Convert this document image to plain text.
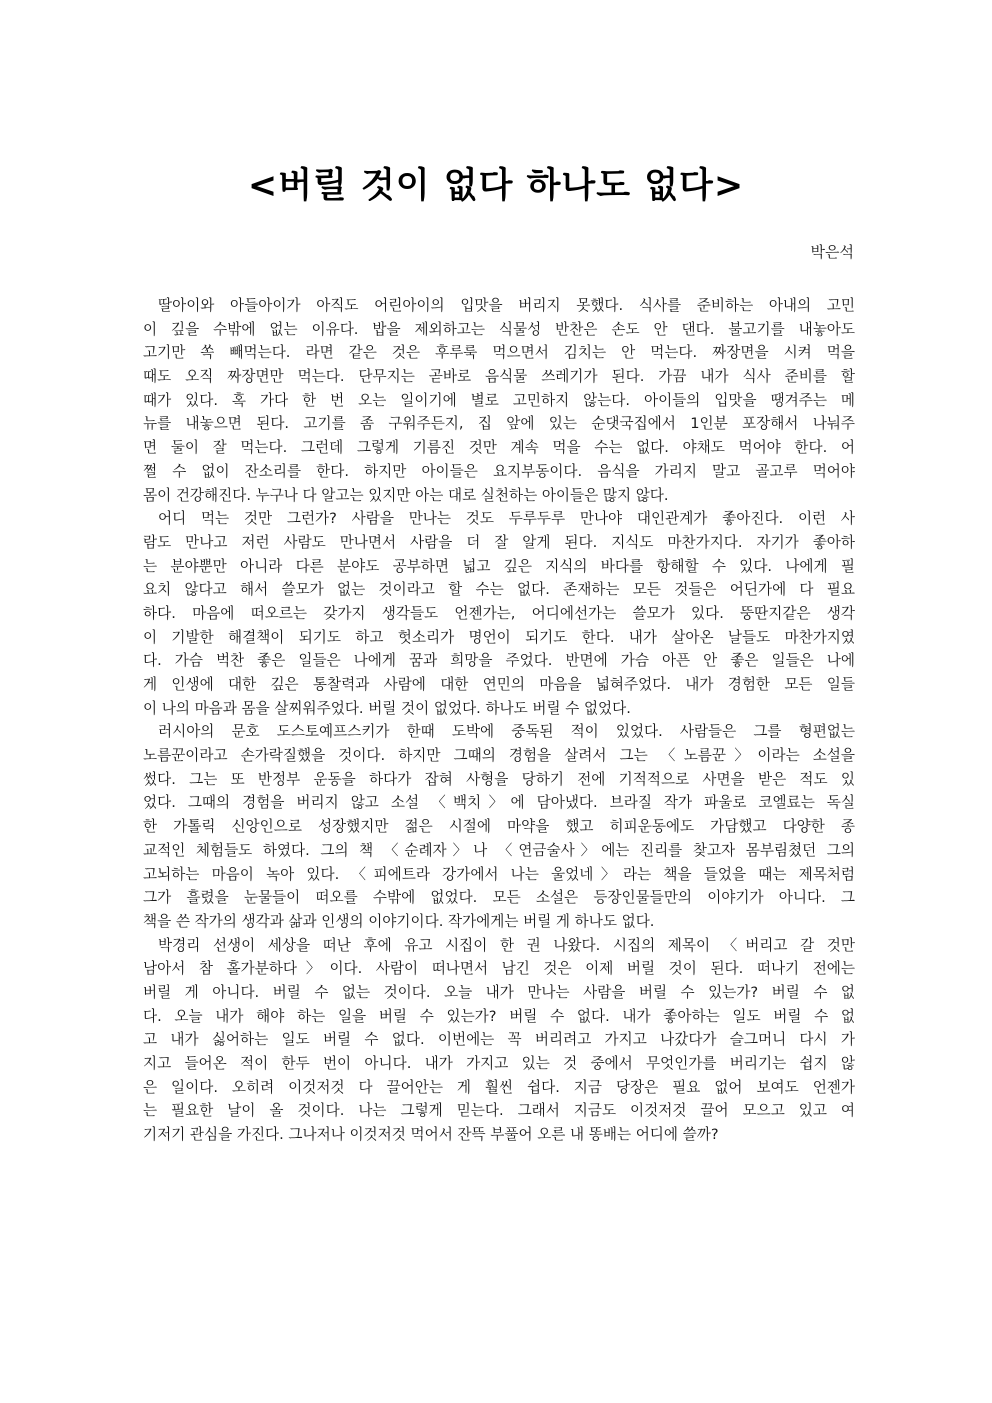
<버릴 것이 없다 하나도 없다>
박은석
딸아이와 아들아이가 아직도 어린아이의 입맛을 버리지 못했다. 식사를 준비하는 아내의 고민
이 깊을 수밖에 없는 이유다. 밥을 제외하고는 식물성 반찬은 손도 안 댄다. 불고기를 내놓아도
고기만 쏙 빼먹는다. 라면 같은 것은 후루룩 먹으면서 김치는 안 먹는다. 짜장면을 시켜 먹을
때도 오직 짜장면만 먹는다. 단무지는 곧바로 음식물 쓰레기가 된다. 가끔 내가 식사 준비를 할
때가 있다. 혹 가다 한 번 오는 일이기에 별로 고민하지 않는다. 아이들의 입맛을 땡겨주는 메
뉴를 내놓으면 된다. 고기를 좀 구워주든지, 집 앞에 있는 순댓국집에서 1인분 포장해서 나눠주
면 둘이 잘 먹는다. 그런데 그렇게 기름진 것만 계속 먹을 수는 없다. 야채도 먹어야 한다. 어
쩔 수 없이 잔소리를 한다. 하지만 아이들은 요지부동이다. 음식을 가리지 말고 골고루 먹어야
몸이 건강해진다. 누구나 다 알고는 있지만 아는 대로 실천하는 아이들은 많지 않다.
어디 먹는 것만 그런가? 사람을 만나는 것도 두루두루 만나야 대인관계가 좋아진다. 이런 사
람도 만나고 저런 사람도 만나면서 사람을 더 잘 알게 된다. 지식도 마찬가지다. 자기가 좋아하
는 분야뿐만 아니라 다른 분야도 공부하면 넓고 깊은 지식의 바다를 항해할 수 있다. 나에게 필
요치 않다고 해서 쓸모가 없는 것이라고 할 수는 없다. 존재하는 모든 것들은 어딘가에 다 필요
하다. 마음에 떠오르는 갖가지 생각들도 언젠가는, 어디에선가는 쓸모가 있다. 뚱딴지같은 생각
이 기발한 해결책이 되기도 하고 헛소리가 명언이 되기도 한다. 내가 살아온 날들도 마찬가지였
다. 가슴 벅찬 좋은 일들은 나에게 꿈과 희망을 주었다. 반면에 가슴 아픈 안 좋은 일들은 나에
게 인생에 대한 깊은 통찰력과 사람에 대한 연민의 마음을 넓혀주었다. 내가 경험한 모든 일들
이 나의 마음과 몸을 살찌워주었다. 버릴 것이 없었다. 하나도 버릴 수 없었다.
러시아의 문호 도스토예프스키가 한때 도박에 중독된 적이 있었다. 사람들은 그를 형편없는
노름꾼이라고 손가락질했을 것이다. 하지만 그때의 경험을 살려서 그는 〈노름꾼〉이라는 소설을
썼다. 그는 또 반정부 운동을 하다가 잡혀 사형을 당하기 전에 기적적으로 사면을 받은 적도 있
었다. 그때의 경험을 버리지 않고 소설 〈백치〉에 담아냈다. 브라질 작가 파울로 코엘료는 독실
한 가톨릭 신앙인으로 성장했지만 젊은 시절에 마약을 했고 히피운동에도 가담했고 다양한 종
교적인 체험들도 하였다. 그의 책 〈순례자〉나 〈연금술사〉에는 진리를 찾고자 몸부림쳤던 그의
고뇌하는 마음이 녹아 있다. 〈피에트라 강가에서 나는 울었네〉라는 책을 들었을 때는 제목처럼
그가 흘렸을 눈물들이 떠오를 수밖에 없었다. 모든 소설은 등장인물들만의 이야기가 아니다. 그
책을 쓴 작가의 생각과 삶과 인생의 이야기이다. 작가에게는 버릴 게 하나도 없다.
박경리 선생이 세상을 떠난 후에 유고 시집이 한 권 나왔다. 시집의 제목이 〈버리고 갈 것만
남아서 참 홀가분하다〉이다. 사람이 떠나면서 남긴 것은 이제 버릴 것이 된다. 떠나기 전에는
버릴 게 아니다. 버릴 수 없는 것이다. 오늘 내가 만나는 사람을 버릴 수 있는가? 버릴 수 없
다. 오늘 내가 해야 하는 일을 버릴 수 있는가? 버릴 수 없다. 내가 좋아하는 일도 버릴 수 없
고 내가 싫어하는 일도 버릴 수 없다. 이번에는 꼭 버리려고 가지고 나갔다가 슬그머니 다시 가
지고 들어온 적이 한두 번이 아니다. 내가 가지고 있는 것 중에서 무엇인가를 버리기는 쉽지 않
은 일이다. 오히려 이것저것 다 끌어안는 게 훨씬 쉽다. 지금 당장은 필요 없어 보여도 언젠가
는 필요한 날이 올 것이다. 나는 그렇게 믿는다. 그래서 지금도 이것저것 끌어 모으고 있고 여
기저기 관심을 가진다. 그나저나 이것저것 먹어서 잔뜩 부풀어 오른 내 똥배는 어디에 쓸까?
